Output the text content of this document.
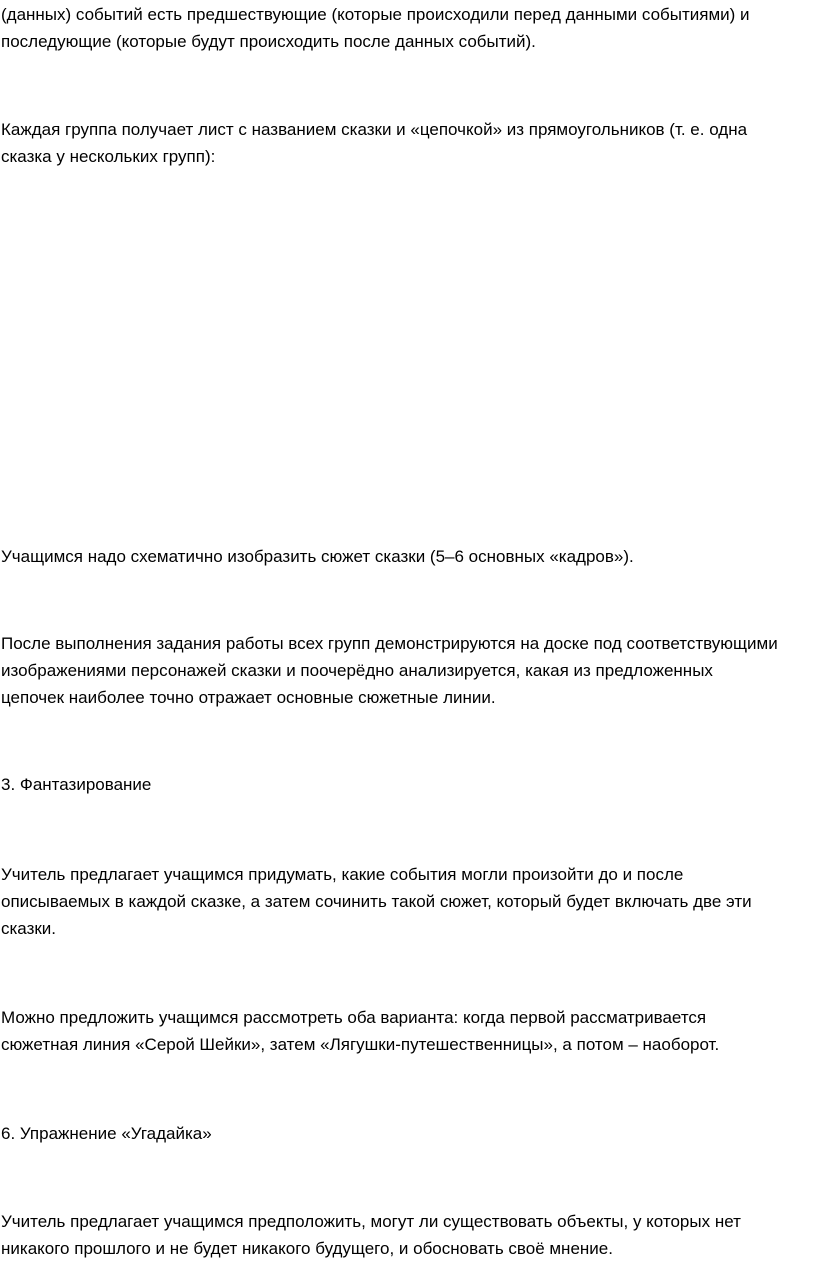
(данных) событий есть предшествующие (которые происходили перед данными событиями) и
последующие (которые будут происходить после данных событий).

Каждая группа получает лист с названием сказки и «цепочкой» из прямоугольников (т. е. одна
сказка у нескольких групп):

Учащимся надо схематично изобразить сюжет сказки (5–6 основных «кадров»).

После выполнения задания работы всех групп демонстрируются на доске под соответствующими
изображениями персонажей сказки и поочерёдно анализируется, какая из предложенных
цепочек наиболее точно отражает основные сюжетные линии.

3. Фантазирование

Учитель предлагает учащимся придумать, какие события могли произойти до и после
описываемых в каждой сказке, а затем сочинить такой сюжет, который будет включать две эти
сказки.

Можно предложить учащимся рассмотреть оба варианта: когда первой рассматривается
сюжетная линия «Серой Шейки», затем «Лягушки-путешественницы», а потом – наоборот.

6. Упражнение «Угадайка»

Учитель предлагает учащимся предположить, могут ли существовать объекты, у которых нет
никакого прошлого и не будет никакого будущего, и обосновать своё мнение.
